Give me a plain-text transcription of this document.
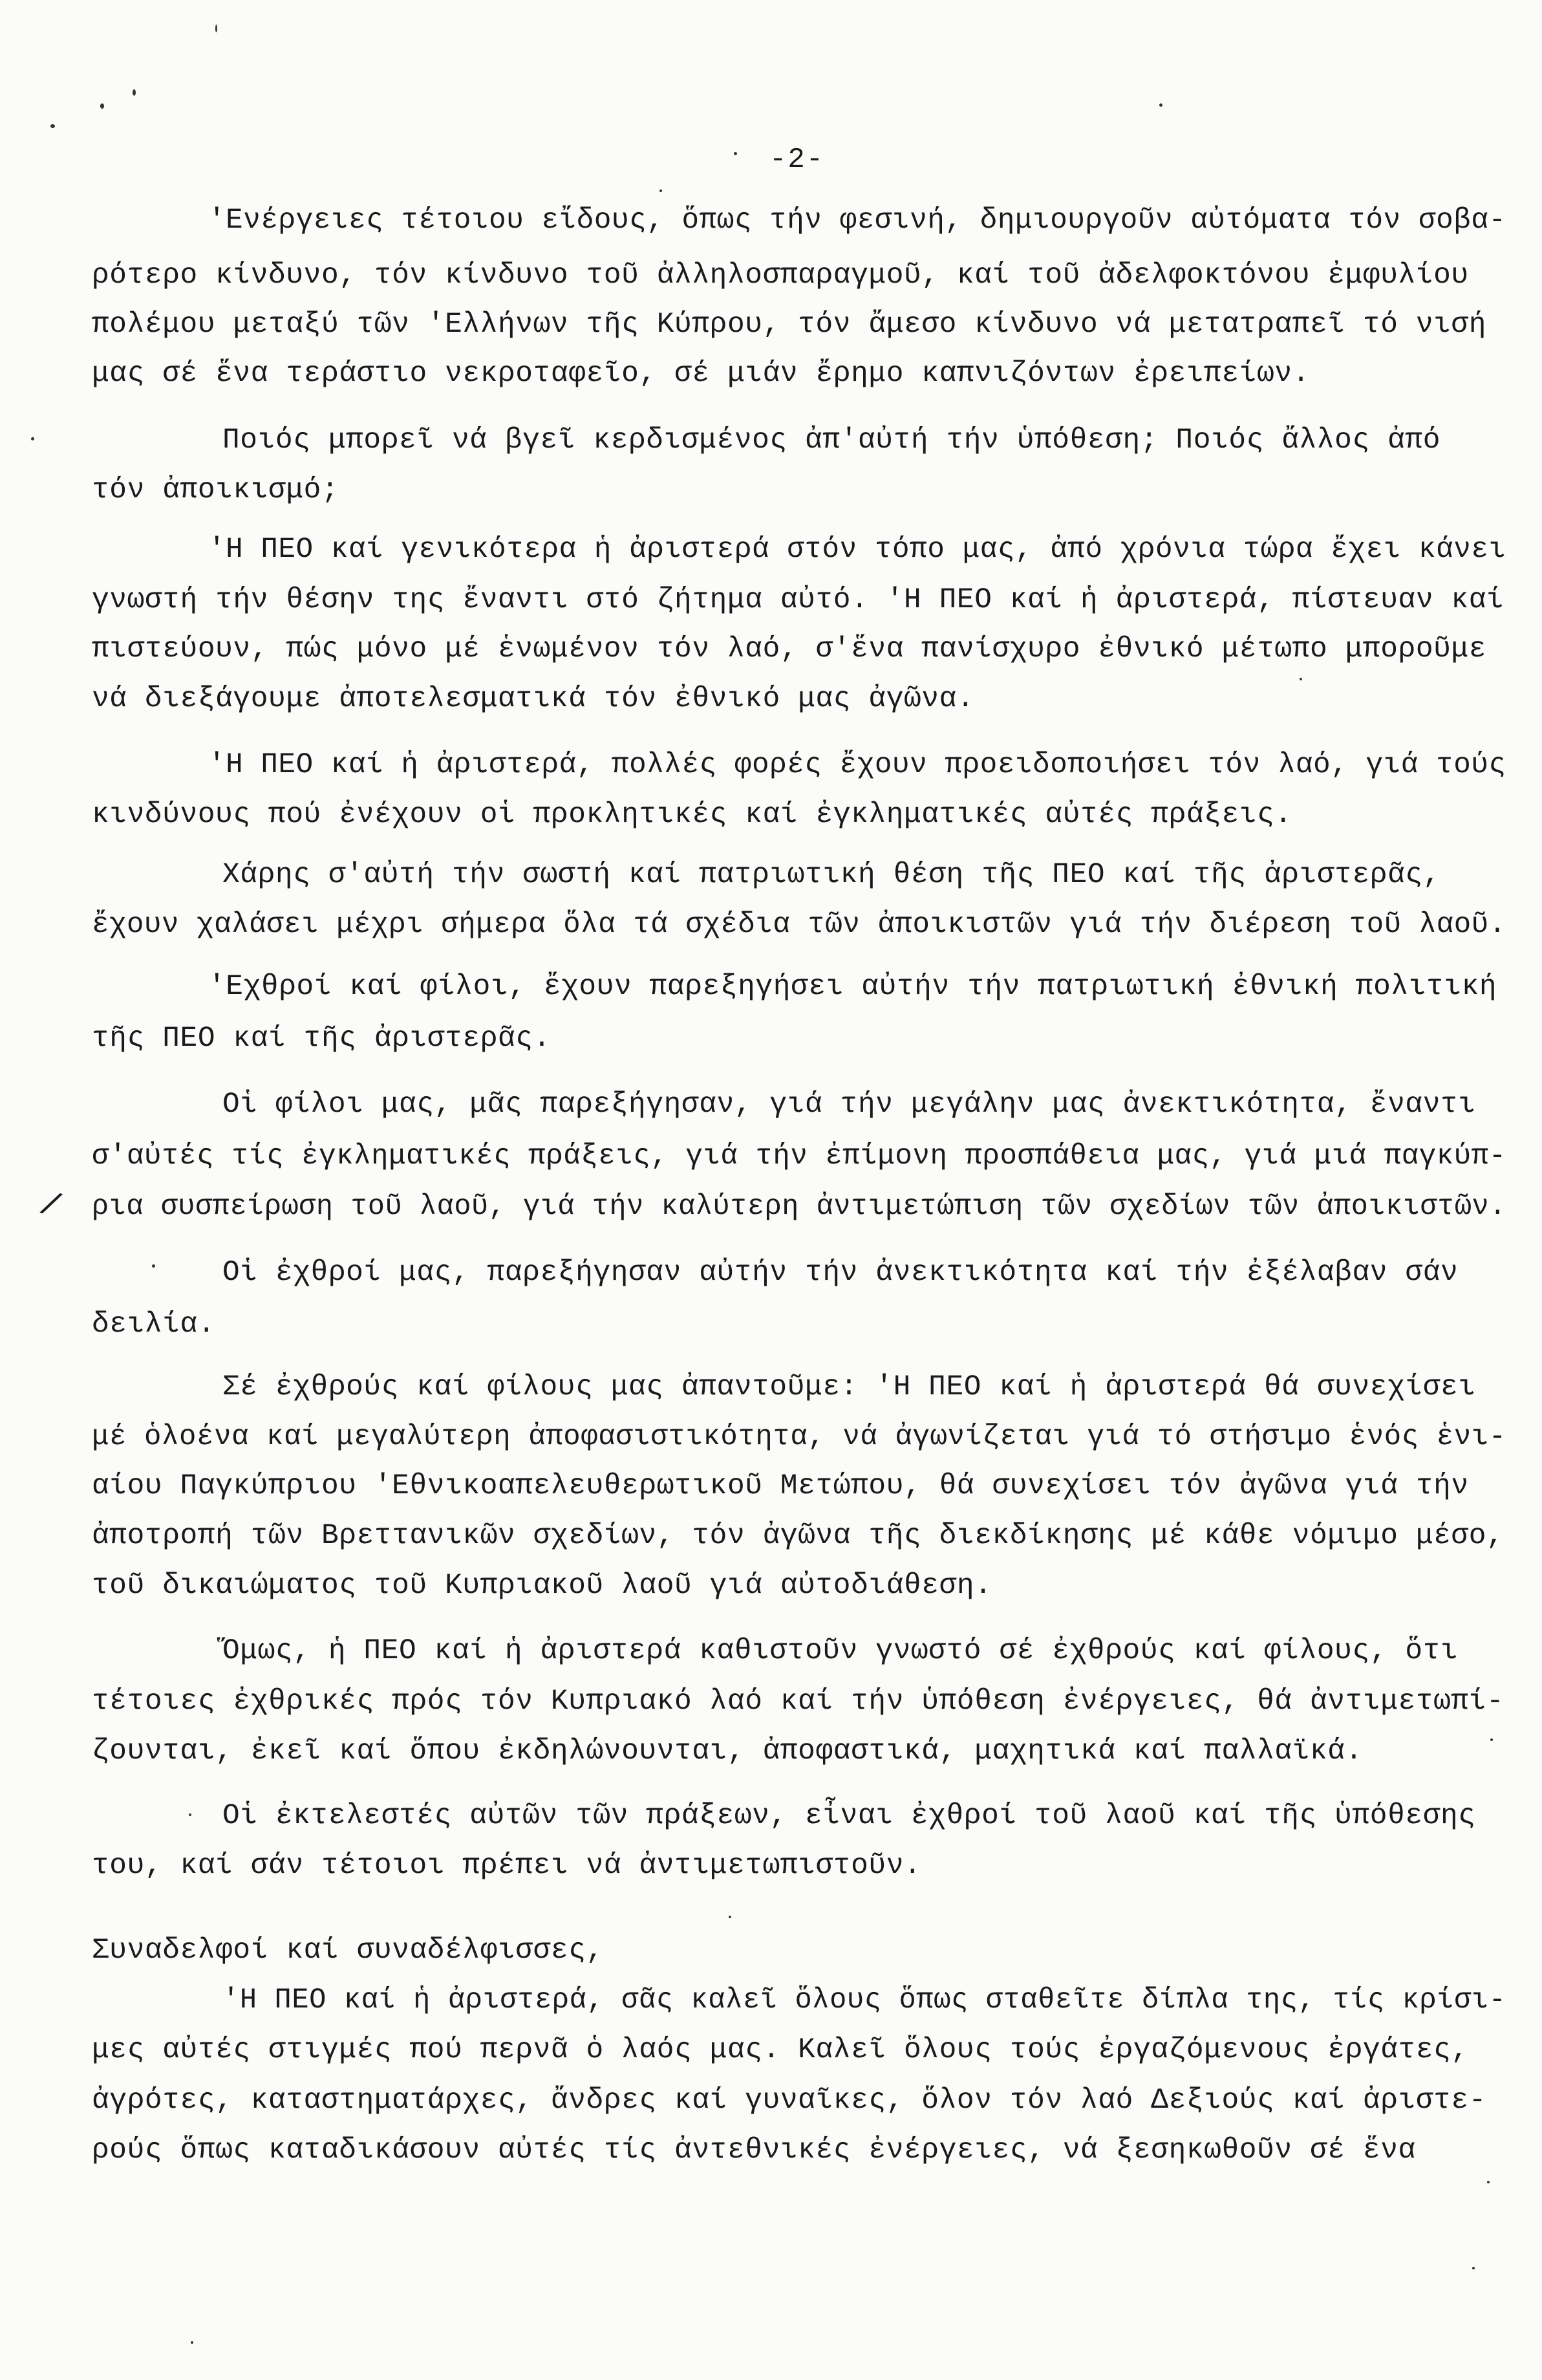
-2-
/
'Ενέργειες τέτοιου εἴδους, ὅπως τήν φεσινή, δημιουργοῦν αὐτόματα τόν σοβα-
ρότερο κίνδυνο, τόν κίνδυνο τοῦ ἀλληλοσπαραγμοῦ, καί τοῦ ἀδελφοκτόνου ἐμφυλίου
πολέμου μεταξύ τῶν 'Ελλήνων τῆς Κύπρου, τόν ἄμεσο κίνδυνο νά μετατραπεῖ τό νισή
μας σέ ἕνα τεράστιο νεκροταφεῖο, σέ μιάν ἔρημο καπνιζόντων ἐρειπείων.
Ποιός μπορεῖ νά βγεῖ κερδισμένος ἀπ'αὐτή τήν ὑπόθεση; Ποιός ἄλλος ἀπό
τόν ἀποικισμό;
'Η ΠΕΟ καί γενικότερα ἡ ἀριστερά στόν τόπο μας, ἀπό χρόνια τώρα ἔχει κάνει
γνωστή τήν θέσην της ἔναντι στό ζήτημα αὐτό. 'Η ΠΕΟ καί ἡ ἀριστερά, πίστευαν καί
πιστεύουν, πώς μόνο μέ ἑνωμένον τόν λαό, σ'ἕνα πανίσχυρο ἐθνικό μέτωπο μποροῦμε
νά διεξάγουμε ἀποτελεσματικά τόν ἐθνικό μας ἀγῶνα.
'Η ΠΕΟ καί ἡ ἀριστερά, πολλές φορές ἔχουν προειδοποιήσει τόν λαό, γιά τούς
κινδύνους πού ἐνέχουν οἱ προκλητικές καί ἐγκληματικές αὐτές πράξεις.
Χάρης σ'αὐτή τήν σωστή καί πατριωτική θέση τῆς ΠΕΟ καί τῆς ἀριστερᾶς,
ἔχουν χαλάσει μέχρι σήμερα ὅλα τά σχέδια τῶν ἀποικιστῶν γιά τήν διέρεση τοῦ λαοῦ.
'Εχθροί καί φίλοι, ἔχουν παρεξηγήσει αὐτήν τήν πατριωτική ἐθνική πολιτική
τῆς ΠΕΟ καί τῆς ἀριστερᾶς.
Οἱ φίλοι μας, μᾶς παρεξήγησαν, γιά τήν μεγάλην μας ἀνεκτικότητα, ἔναντι
σ'αὐτές τίς ἐγκληματικές πράξεις, γιά τήν ἐπίμονη προσπάθεια μας, γιά μιά παγκύπ-
ρια συσπείρωση τοῦ λαοῦ, γιά τήν καλύτερη ἀντιμετώπιση τῶν σχεδίων τῶν ἀποικιστῶν.
Οἱ ἐχθροί μας, παρεξήγησαν αὐτήν τήν ἀνεκτικότητα καί τήν ἐξέλαβαν σάν
δειλία.
Σέ ἐχθρούς καί φίλους μας ἀπαντοῦμε: 'Η ΠΕΟ καί ἡ ἀριστερά θά συνεχίσει
μέ ὁλοένα καί μεγαλύτερη ἀποφασιστικότητα, νά ἀγωνίζεται γιά τό στήσιμο ἑνός ἑνι-
αίου Παγκύπριου 'Εθνικοαπελευθερωτικοῦ Μετώπου, θά συνεχίσει τόν ἀγῶνα γιά τήν
ἀποτροπή τῶν Βρεττανικῶν σχεδίων, τόν ἀγῶνα τῆς διεκδίκησης μέ κάθε νόμιμο μέσο,
τοῦ δικαιώματος τοῦ Κυπριακοῦ λαοῦ γιά αὐτοδιάθεση.
Ὅμως, ἡ ΠΕΟ καί ἡ ἀριστερά καθιστοῦν γνωστό σέ ἐχθρούς καί φίλους, ὅτι
τέτοιες ἐχθρικές πρός τόν Κυπριακό λαό καί τήν ὑπόθεση ἐνέργειες, θά ἀντιμετωπί-
ζουνται, ἐκεῖ καί ὅπου ἐκδηλώνουνται, ἀποφαστικά, μαχητικά καί παλλαϊκά.
Οἱ ἐκτελεστές αὐτῶν τῶν πράξεων, εἶναι ἐχθροί τοῦ λαοῦ καί τῆς ὑπόθεσης
του, καί σάν τέτοιοι πρέπει νά ἀντιμετωπιστοῦν.
Συναδελφοί καί συναδέλφισσες,
'Η ΠΕΟ καί ἡ ἀριστερά, σᾶς καλεῖ ὅλους ὅπως σταθεῖτε δίπλα της, τίς κρίσι-
μες αὐτές στιγμές πού περνᾶ ὁ λαός μας. Καλεῖ ὅλους τούς ἐργαζόμενους ἐργάτες,
ἀγρότες, καταστηματάρχες, ἄνδρες καί γυναῖκες, ὅλον τόν λαό Δεξιούς καί ἀριστε-
ρούς ὅπως καταδικάσουν αὐτές τίς ἀντεθνικές ἐνέργειες, νά ξεσηκωθοῦν σέ ἕνα
